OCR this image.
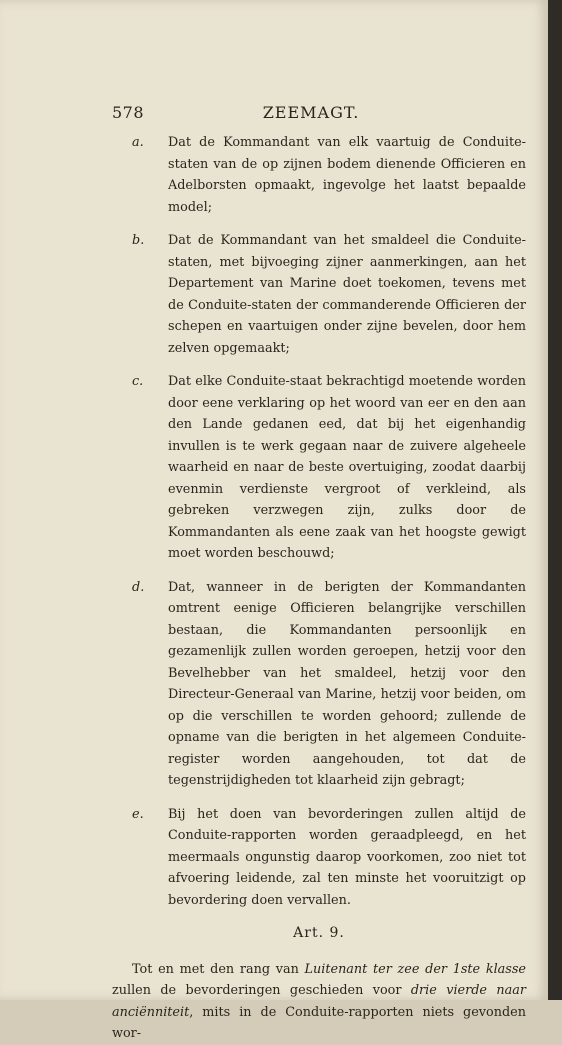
578	ZEEMAGT.
a. Dat de Kommandant van elk vaartuig de Conduite-staten van de op zijnen bodem dienende Officieren en Adelborsten opmaakt, ingevolge het laatst bepaalde model;

b. Dat de Kommandant van het smaldeel die Conduite-staten, met bijvoeging zijner aanmerkingen, aan het Departement van Marine doet toekomen, tevens met de Conduite-staten der commanderende Officieren der schepen en vaartuigen onder zijne bevelen, door hem zelven opgemaakt;

c. Dat elke Conduite-staat bekrachtigd moetende worden door eene verklaring op het woord van eer en den aan den Lande gedanen eed, dat bij het eigenhandig invullen is te werk gegaan naar de zuivere algeheele waarheid en naar de beste overtuiging, zoodat daarbij evenmin verdienste vergroot of verkleind, als gebreken verzwegen zijn, zulks door de Kommandanten als eene zaak van het hoogste gewigt moet worden beschouwd;

d. Dat, wanneer in de berigten der Kommandanten omtrent eenige Officieren belangrijke verschillen bestaan, die Kommandanten persoonlijk en gezamenlijk zullen worden geroepen, hetzij voor den Bevelhebber van het smaldeel, hetzij voor den Directeur-Generaal van Marine, hetzij voor beiden, om op die verschillen te worden gehoord; zullende de opname van die berigten in het algemeen Conduite-register worden aangehouden, tot dat de tegenstrijdigheden tot klaarheid zijn gebragt;

e. Bij het doen van bevorderingen zullen altijd de Conduite-rapporten worden geraadpleegd, en het meermaals ongunstig daarop voorkomen, zoo niet tot afvoering leidende, zal ten minste het vooruitzigt op bevordering doen vervallen.

Art. 9.

Tot en met den rang van Luitenant ter zee der 1ste klasse zullen de bevorderingen geschieden voor drie vierde naar anciënniteit, mits in de Conduite-rapporten niets gevonden wor-
